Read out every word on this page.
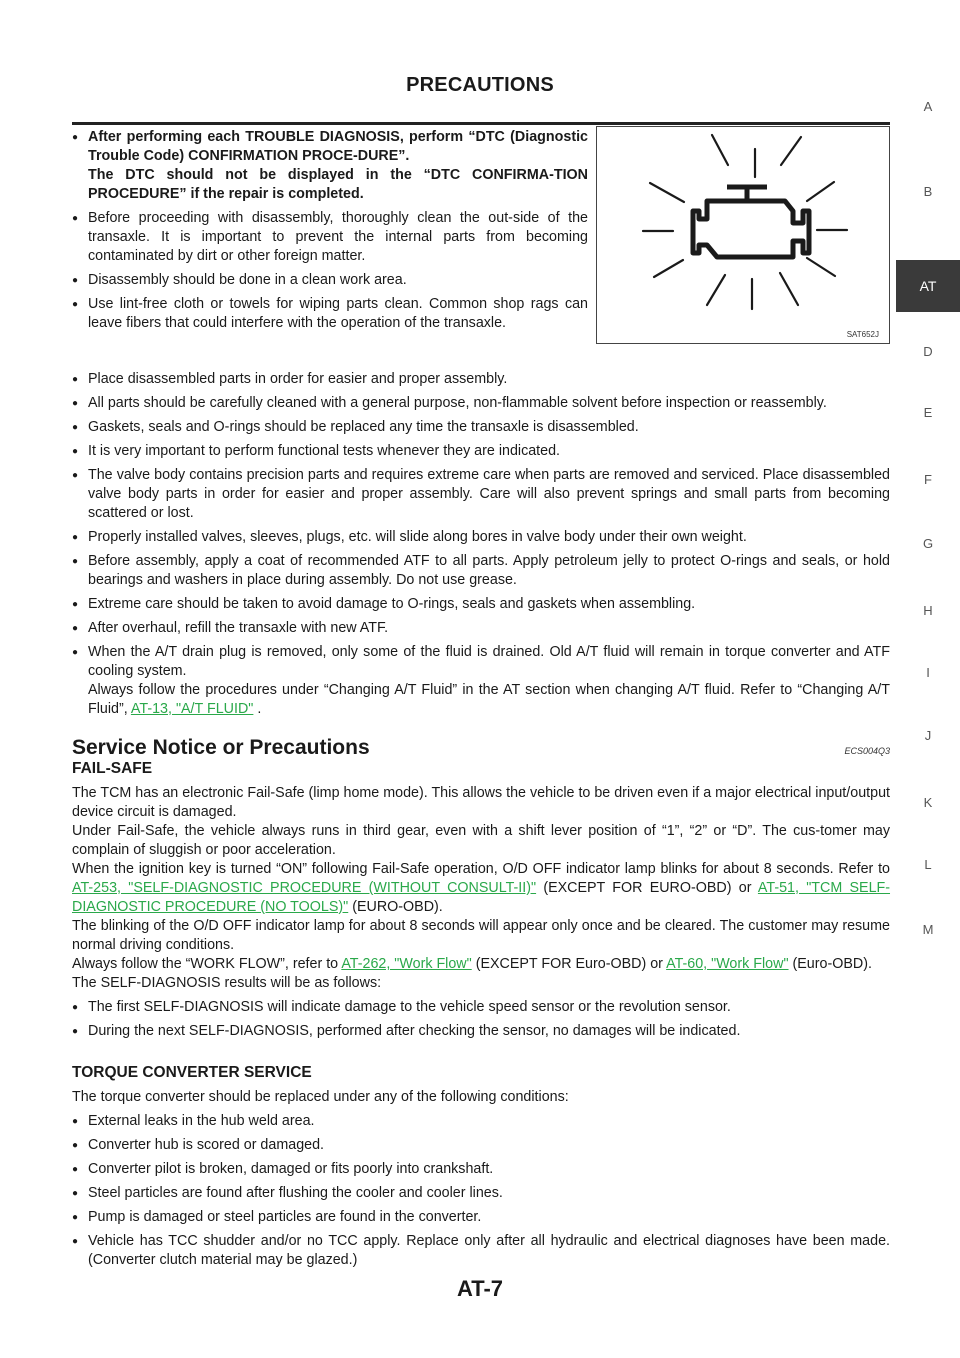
PRECAUTIONS
A
B
AT
D
E
F
G
H
I
J
K
L
M
SAT652J
● After performing each TROUBLE DIAGNOSIS, perform “DTC (Diagnostic Trouble Code) CONFIRMATION PROCE-DURE”.
The DTC should not be displayed in the “DTC CONFIRMA-TION PROCEDURE” if the repair is completed.
● Before proceeding with disassembly, thoroughly clean the out-side of the transaxle. It is important to prevent the internal parts from becoming contaminated by dirt or other foreign matter.
● Disassembly should be done in a clean work area.
● Use lint-free cloth or towels for wiping parts clean. Common shop rags can leave fibers that could interfere with the operation of the transaxle.
● Place disassembled parts in order for easier and proper assembly.
● All parts should be carefully cleaned with a general purpose, non-flammable solvent before inspection or reassembly.
● Gaskets, seals and O-rings should be replaced any time the transaxle is disassembled.
● It is very important to perform functional tests whenever they are indicated.
● The valve body contains precision parts and requires extreme care when parts are removed and serviced. Place disassembled valve body parts in order for easier and proper assembly. Care will also prevent springs and small parts from becoming scattered or lost.
● Properly installed valves, sleeves, plugs, etc. will slide along bores in valve body under their own weight.
● Before assembly, apply a coat of recommended ATF to all parts. Apply petroleum jelly to protect O-rings and seals, or hold bearings and washers in place during assembly. Do not use grease.
● Extreme care should be taken to avoid damage to O-rings, seals and gaskets when assembling.
● After overhaul, refill the transaxle with new ATF.
● When the A/T drain plug is removed, only some of the fluid is drained. Old A/T fluid will remain in torque converter and ATF cooling system.
Always follow the procedures under “Changing A/T Fluid” in the AT section when changing A/T fluid. Refer to “Changing A/T Fluid”, AT-13, "A/T FLUID" .
Service Notice or Precautions	ECS004Q3
FAIL-SAFE
The TCM has an electronic Fail-Safe (limp home mode). This allows the vehicle to be driven even if a major electrical input/output device circuit is damaged.
Under Fail-Safe, the vehicle always runs in third gear, even with a shift lever position of “1”, “2” or “D”. The cus-tomer may complain of sluggish or poor acceleration.
When the ignition key is turned “ON” following Fail-Safe operation, O/D OFF indicator lamp blinks for about 8 seconds. Refer to AT-253, "SELF-DIAGNOSTIC PROCEDURE (WITHOUT CONSULT-II)" (EXCEPT FOR EURO-OBD) or AT-51, "TCM SELF-DIAGNOSTIC PROCEDURE (NO TOOLS)" (EURO-OBD).
The blinking of the O/D OFF indicator lamp for about 8 seconds will appear only once and be cleared. The customer may resume normal driving conditions.
Always follow the “WORK FLOW”, refer to AT-262, "Work Flow" (EXCEPT FOR Euro-OBD) or AT-60, "Work Flow" (Euro-OBD).
The SELF-DIAGNOSIS results will be as follows:
● The first SELF-DIAGNOSIS will indicate damage to the vehicle speed sensor or the revolution sensor.
● During the next SELF-DIAGNOSIS, performed after checking the sensor, no damages will be indicated.
TORQUE CONVERTER SERVICE
The torque converter should be replaced under any of the following conditions:
● External leaks in the hub weld area.
● Converter hub is scored or damaged.
● Converter pilot is broken, damaged or fits poorly into crankshaft.
● Steel particles are found after flushing the cooler and cooler lines.
● Pump is damaged or steel particles are found in the converter.
● Vehicle has TCC shudder and/or no TCC apply. Replace only after all hydraulic and electrical diagnoses have been made. (Converter clutch material may be glazed.)
AT-7
